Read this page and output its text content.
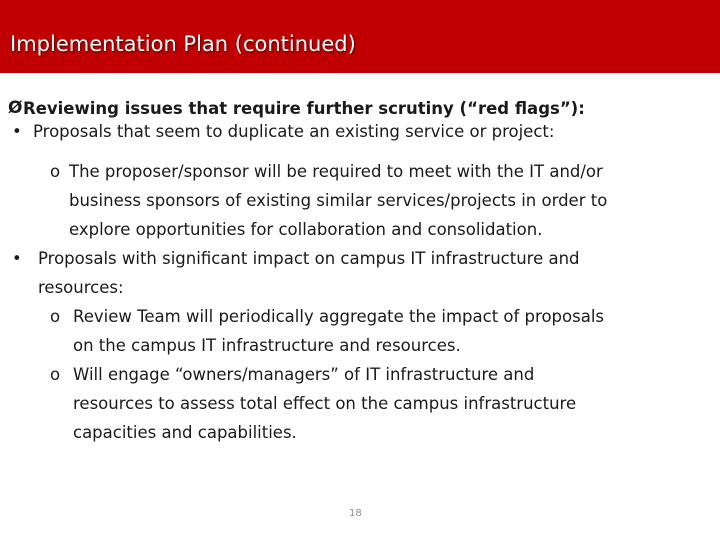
Implementation Plan (continued)
Ø Reviewing issues that require further scrutiny (“red flags”):
• Proposals that seem to duplicate an existing service or project:
o The proposer/sponsor will be required to meet with the IT and/or
business sponsors of existing similar services/projects in order to
explore opportunities for collaboration and consolidation.
• Proposals with significant impact on campus IT infrastructure and
resources:
o Review Team will periodically aggregate the impact of proposals
on the campus IT infrastructure and resources.
o Will engage “owners/managers” of IT infrastructure and
resources to assess total effect on the campus infrastructure
capacities and capabilities.
18
